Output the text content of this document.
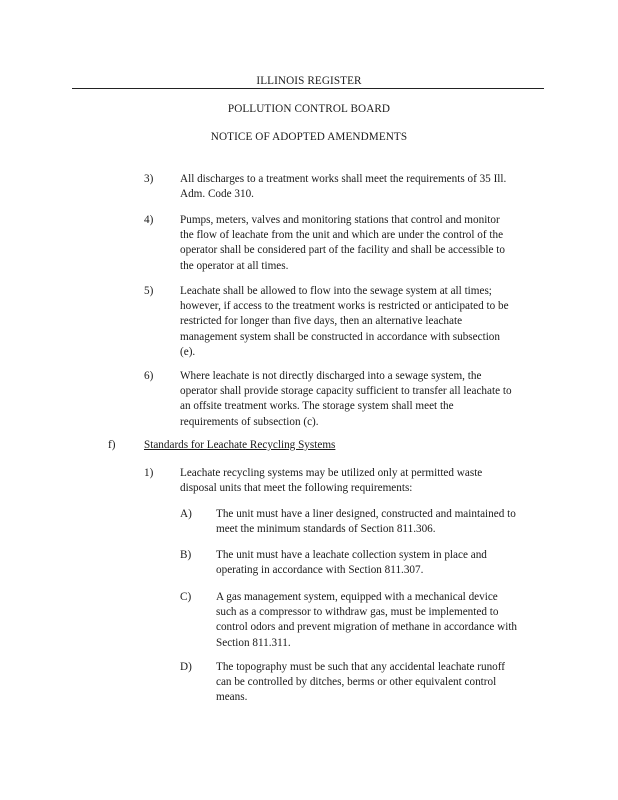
ILLINOIS REGISTER
POLLUTION CONTROL BOARD
NOTICE OF ADOPTED AMENDMENTS
3) All discharges to a treatment works shall meet the requirements of 35 Ill.
Adm. Code 310.
4) Pumps, meters, valves and monitoring stations that control and monitor
the flow of leachate from the unit and which are under the control of the
operator shall be considered part of the facility and shall be accessible to
the operator at all times.
5) Leachate shall be allowed to flow into the sewage system at all times;
however, if access to the treatment works is restricted or anticipated to be
restricted for longer than five days, then an alternative leachate
management system shall be constructed in accordance with subsection
(e).
6) Where leachate is not directly discharged into a sewage system, the
operator shall provide storage capacity sufficient to transfer all leachate to
an offsite treatment works. The storage system shall meet the
requirements of subsection (c).
f)	Standards for Leachate Recycling Systems
1) Leachate recycling systems may be utilized only at permitted waste
disposal units that meet the following requirements:
A) The unit must have a liner designed, constructed and maintained to
meet the minimum standards of Section 811.306.
B) The unit must have a leachate collection system in place and
operating in accordance with Section 811.307.
C) A gas management system, equipped with a mechanical device
such as a compressor to withdraw gas, must be implemented to
control odors and prevent migration of methane in accordance with
Section 811.311.
D) The topography must be such that any accidental leachate runoff
can be controlled by ditches, berms or other equivalent control
means.
